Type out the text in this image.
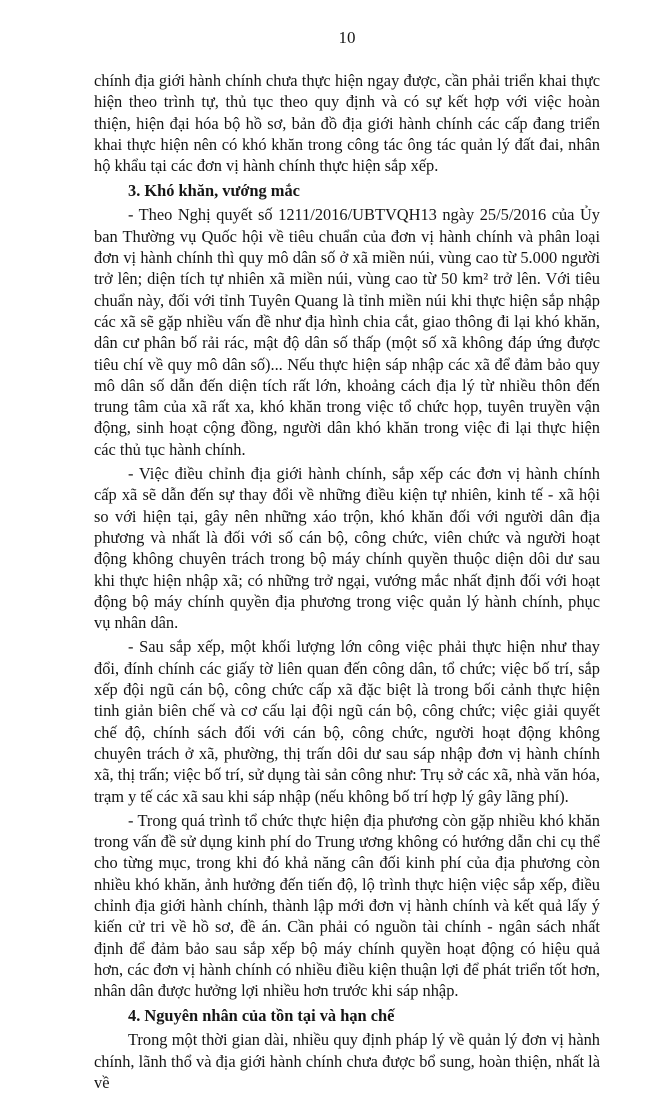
10

chính địa giới hành chính chưa thực hiện ngay được, cần phải triển khai thực hiện theo trình tự, thủ tục theo quy định và có sự kết hợp với việc hoàn thiện, hiện đại hóa bộ hồ sơ, bản đồ địa giới hành chính các cấp đang triển khai thực hiện nên có khó khăn trong công tác ông tác quản lý đất đai, nhân hộ khẩu tại các đơn vị hành chính thực hiện sắp xếp.

3. Khó khăn, vướng mắc

- Theo Nghị quyết số 1211/2016/UBTVQH13 ngày 25/5/2016 của Ủy ban Thường vụ Quốc hội về tiêu chuẩn của đơn vị hành chính và phân loại đơn vị hành chính thì quy mô dân số ở xã miền núi, vùng cao từ 5.000 người trở lên; diện tích tự nhiên xã miền núi, vùng cao từ 50 km² trở lên. Với tiêu chuẩn này, đối với tỉnh Tuyên Quang là tỉnh miền núi khi thực hiện sắp nhập các xã sẽ gặp nhiều vấn đề như địa hình chia cắt, giao thông đi lại khó khăn, dân cư phân bố rải rác, mật độ dân số thấp (một số xã không đáp ứng được tiêu chí về quy mô dân số)... Nếu thực hiện sáp nhập các xã để đảm bảo quy mô dân số dẫn đến diện tích rất lớn, khoảng cách địa lý từ nhiều thôn đến trung tâm của xã rất xa, khó khăn trong việc tổ chức họp, tuyên truyền vận động, sinh hoạt cộng đồng, người dân khó khăn trong việc đi lại thực hiện các thủ tục hành chính.

- Việc điều chỉnh địa giới hành chính, sắp xếp các đơn vị hành chính cấp xã sẽ dẫn đến sự thay đổi về những điều kiện tự nhiên, kinh tế - xã hội so với hiện tại, gây nên những xáo trộn, khó khăn đối với người dân địa phương và nhất là đối với số cán bộ, công chức, viên chức và người hoạt động không chuyên trách trong bộ máy chính quyền thuộc diện dôi dư sau khi thực hiện nhập xã; có những trở ngại, vướng mắc nhất định đối với hoạt động bộ máy chính quyền địa phương trong việc quản lý hành chính, phục vụ nhân dân.

- Sau sắp xếp, một khối lượng lớn công việc phải thực hiện như thay đổi, đính chính các giấy tờ liên quan đến công dân, tổ chức; việc bố trí, sắp xếp đội ngũ cán bộ, công chức cấp xã đặc biệt là trong bối cảnh thực hiện tinh giản biên chế và cơ cấu lại đội ngũ cán bộ, công chức; việc giải quyết chế độ, chính sách đối với cán bộ, công chức, người hoạt động không chuyên trách ở xã, phường, thị trấn dôi dư sau sáp nhập đơn vị hành chính xã, thị trấn; việc bố trí, sử dụng tài sản công như: Trụ sở các xã, nhà văn hóa, trạm y tế các xã sau khi sáp nhập (nếu không bố trí hợp lý gây lãng phí).

- Trong quá trình tổ chức thực hiện địa phương còn gặp nhiều khó khăn trong vấn đề sử dụng kinh phí do Trung ương không có hướng dẫn chi cụ thể cho từng mục, trong khi đó khả năng cân đối kinh phí của địa phương còn nhiều khó khăn, ảnh hưởng đến tiến độ, lộ trình thực hiện việc sắp xếp, điều chỉnh địa giới hành chính, thành lập mới đơn vị hành chính và kết quả lấy ý kiến cử tri về hồ sơ, đề án. Cần phải có nguồn tài chính - ngân sách nhất định để đảm bảo sau sắp xếp bộ máy chính quyền hoạt động có hiệu quả hơn, các đơn vị hành chính có nhiều điều kiện thuận lợi để phát triển tốt hơn, nhân dân được hưởng lợi nhiều hơn trước khi sáp nhập.

4. Nguyên nhân của tồn tại và hạn chế

Trong một thời gian dài, nhiều quy định pháp lý về quản lý đơn vị hành chính, lãnh thổ và địa giới hành chính chưa được bổ sung, hoàn thiện, nhất là về
